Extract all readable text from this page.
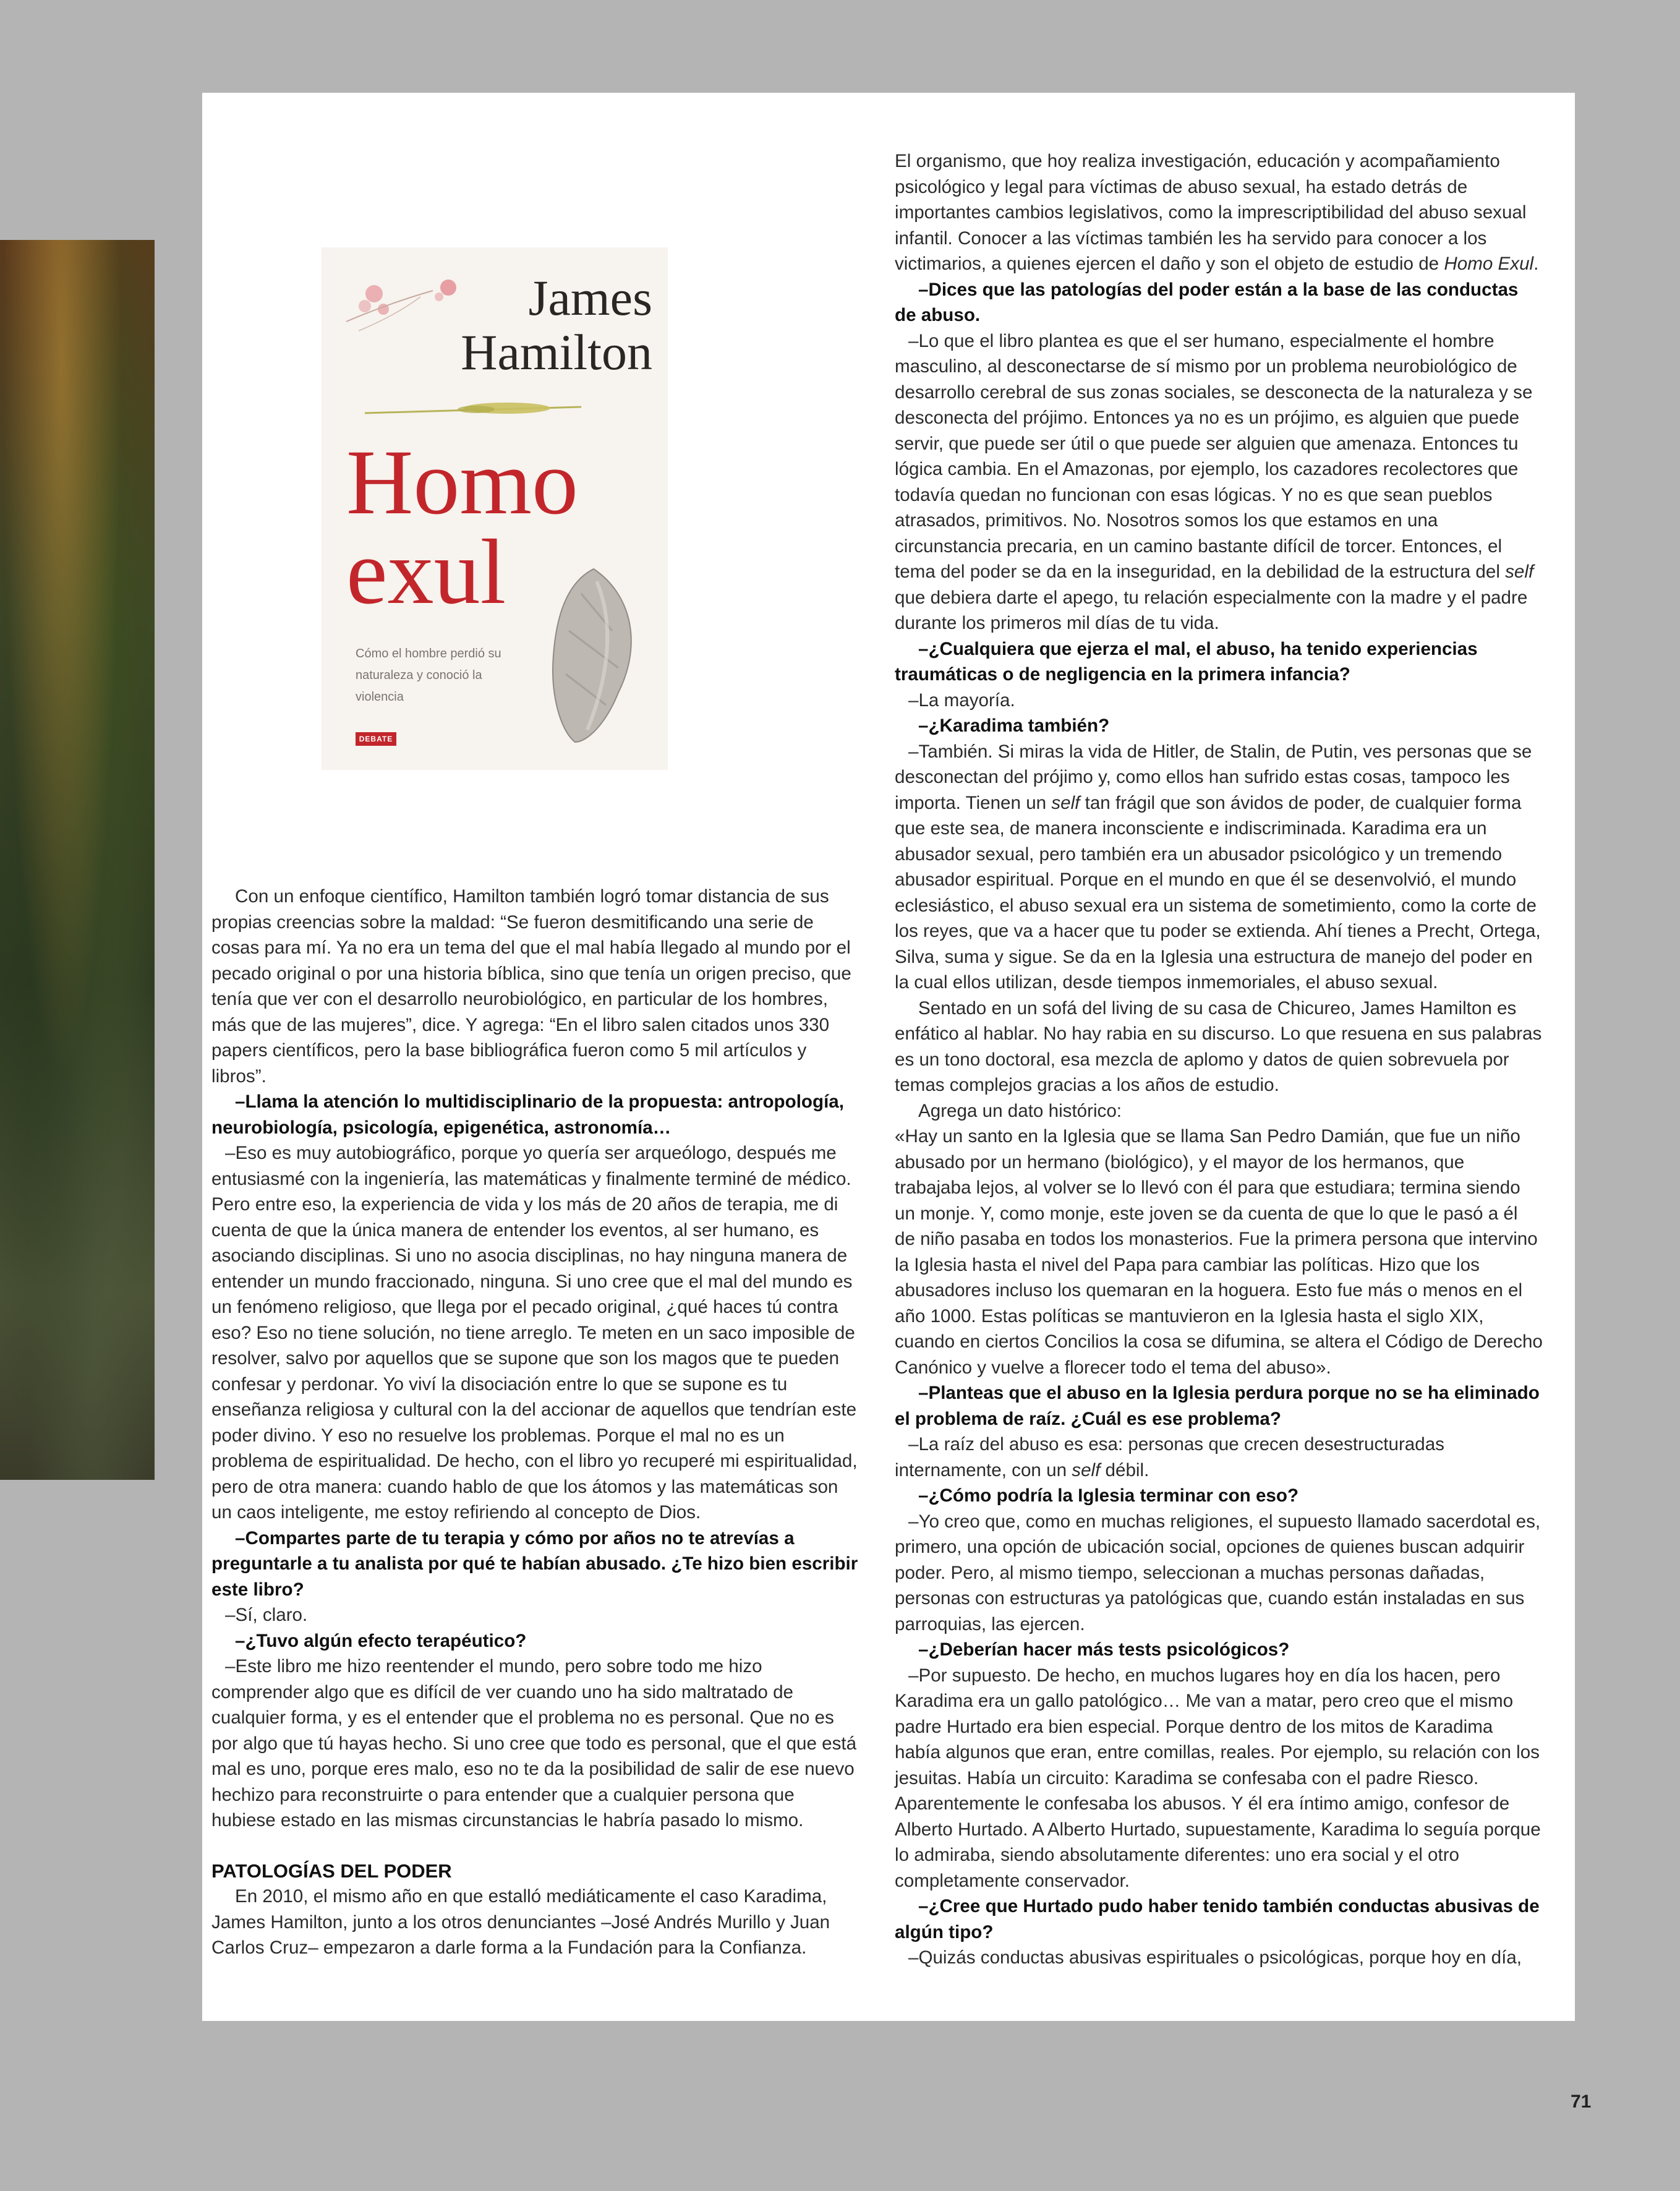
James
Hamilton
Homo
exul
Cómo el hombre perdió su naturaleza y conoció la violencia
DEBATE

Con un enfoque científico, Hamilton también logró tomar distancia de sus propias creencias sobre la maldad: “Se fueron desmitificando una serie de cosas para mí. Ya no era un tema del que el mal había llegado al mundo por el pecado original o por una historia bíblica, sino que tenía un origen preciso, que tenía que ver con el desarrollo neurobiológico, en particular de los hombres, más que de las mujeres”, dice. Y agrega: “En el libro salen citados unos 330 papers científicos, pero la base bibliográfica fueron como 5 mil artículos y libros”.

–Llama la atención lo multidisciplinario de la propuesta: antropología, neurobiología, psicología, epigenética, astronomía…

–Eso es muy autobiográfico, porque yo quería ser arqueólogo, después me entusiasmé con la ingeniería, las matemáticas y finalmente terminé de médico. Pero entre eso, la experiencia de vida y los más de 20 años de terapia, me di cuenta de que la única manera de entender los eventos, al ser humano, es asociando disciplinas. Si uno no asocia disciplinas, no hay ninguna manera de entender un mundo fraccionado, ninguna. Si uno cree que el mal del mundo es un fenómeno religioso, que llega por el pecado original, ¿qué haces tú contra eso? Eso no tiene solución, no tiene arreglo. Te meten en un saco imposible de resolver, salvo por aquellos que se supone que son los magos que te pueden confesar y perdonar. Yo viví la disociación entre lo que se supone es tu enseñanza religiosa y cultural con la del accionar de aquellos que tendrían este poder divino. Y eso no resuelve los problemas. Porque el mal no es un problema de espiritualidad. De hecho, con el libro yo recuperé mi espiritualidad, pero de otra manera: cuando hablo de que los átomos y las matemáticas son un caos inteligente, me estoy refiriendo al concepto de Dios.

–Compartes parte de tu terapia y cómo por años no te atrevías a preguntarle a tu analista por qué te habían abusado. ¿Te hizo bien escribir este libro?

–Sí, claro.

–¿Tuvo algún efecto terapéutico?

–Este libro me hizo reentender el mundo, pero sobre todo me hizo comprender algo que es difícil de ver cuando uno ha sido maltratado de cualquier forma, y es el entender que el problema no es personal. Que no es por algo que tú hayas hecho. Si uno cree que todo es personal, que el que está mal es uno, porque eres malo, eso no te da la posibilidad de salir de ese nuevo hechizo para reconstruirte o para entender que a cualquier persona que hubiese estado en las mismas circunstancias le habría pasado lo mismo.

PATOLOGÍAS DEL PODER

En 2010, el mismo año en que estalló mediáticamente el caso Karadima, James Hamilton, junto a los otros denunciantes –José Andrés Murillo y Juan Carlos Cruz– empezaron a darle forma a la Fundación para la Confianza.

El organismo, que hoy realiza investigación, educación y acompañamiento psicológico y legal para víctimas de abuso sexual, ha estado detrás de importantes cambios legislativos, como la imprescriptibilidad del abuso sexual infantil. Conocer a las víctimas también les ha servido para conocer a los victimarios, a quienes ejercen el daño y son el objeto de estudio de Homo Exul.

–Dices que las patologías del poder están a la base de las conductas de abuso.

–Lo que el libro plantea es que el ser humano, especialmente el hombre masculino, al desconectarse de sí mismo por un problema neurobiológico de desarrollo cerebral de sus zonas sociales, se desconecta de la naturaleza y se desconecta del prójimo. Entonces ya no es un prójimo, es alguien que puede servir, que puede ser útil o que puede ser alguien que amenaza. Entonces tu lógica cambia. En el Amazonas, por ejemplo, los cazadores recolectores que todavía quedan no funcionan con esas lógicas. Y no es que sean pueblos atrasados, primitivos. No. Nosotros somos los que estamos en una circunstancia precaria, en un camino bastante difícil de torcer. Entonces, el tema del poder se da en la inseguridad, en la debilidad de la estructura del self que debiera darte el apego, tu relación especialmente con la madre y el padre durante los primeros mil días de tu vida.

–¿Cualquiera que ejerza el mal, el abuso, ha tenido experiencias traumáticas o de negligencia en la primera infancia?

–La mayoría.

–¿Karadima también?

–También. Si miras la vida de Hitler, de Stalin, de Putin, ves personas que se desconectan del prójimo y, como ellos han sufrido estas cosas, tampoco les importa. Tienen un self tan frágil que son ávidos de poder, de cualquier forma que este sea, de manera inconsciente e indiscriminada. Karadima era un abusador sexual, pero también era un abusador psicológico y un tremendo abusador espiritual. Porque en el mundo en que él se desenvolvió, el mundo eclesiástico, el abuso sexual era un sistema de sometimiento, como la corte de los reyes, que va a hacer que tu poder se extienda. Ahí tienes a Precht, Ortega, Silva, suma y sigue. Se da en la Iglesia una estructura de manejo del poder en la cual ellos utilizan, desde tiempos inmemoriales, el abuso sexual.

Sentado en un sofá del living de su casa de Chicureo, James Hamilton es enfático al hablar. No hay rabia en su discurso. Lo que resuena en sus palabras es un tono doctoral, esa mezcla de aplomo y datos de quien sobrevuela por temas complejos gracias a los años de estudio.

Agrega un dato histórico:

«Hay un santo en la Iglesia que se llama San Pedro Damián, que fue un niño abusado por un hermano (biológico), y el mayor de los hermanos, que trabajaba lejos, al volver se lo llevó con él para que estudiara; termina siendo un monje. Y, como monje, este joven se da cuenta de que lo que le pasó a él de niño pasaba en todos los monasterios. Fue la primera persona que intervino la Iglesia hasta el nivel del Papa para cambiar las políticas. Hizo que los abusadores incluso los quemaran en la hoguera. Esto fue más o menos en el año 1000. Estas políticas se mantuvieron en la Iglesia hasta el siglo XIX, cuando en ciertos Concilios la cosa se difumina, se altera el Código de Derecho Canónico y vuelve a florecer todo el tema del abuso».

–Planteas que el abuso en la Iglesia perdura porque no se ha eliminado el problema de raíz. ¿Cuál es ese problema?

–La raíz del abuso es esa: personas que crecen desestructuradas internamente, con un self débil.

–¿Cómo podría la Iglesia terminar con eso?

–Yo creo que, como en muchas religiones, el supuesto llamado sacerdotal es, primero, una opción de ubicación social, opciones de quienes buscan adquirir poder. Pero, al mismo tiempo, seleccionan a muchas personas dañadas, personas con estructuras ya patológicas que, cuando están instaladas en sus parroquias, las ejercen.

–¿Deberían hacer más tests psicológicos?

–Por supuesto. De hecho, en muchos lugares hoy en día los hacen, pero Karadima era un gallo patológico… Me van a matar, pero creo que el mismo padre Hurtado era bien especial. Porque dentro de los mitos de Karadima había algunos que eran, entre comillas, reales. Por ejemplo, su relación con los jesuitas. Había un circuito: Karadima se confesaba con el padre Riesco. Aparentemente le confesaba los abusos. Y él era íntimo amigo, confesor de Alberto Hurtado. A Alberto Hurtado, supuestamente, Karadima lo seguía porque lo admiraba, siendo absolutamente diferentes: uno era social y el otro completamente conservador.

–¿Cree que Hurtado pudo haber tenido también conductas abusivas de algún tipo?

–Quizás conductas abusivas espirituales o psicológicas, porque hoy en día,

71
